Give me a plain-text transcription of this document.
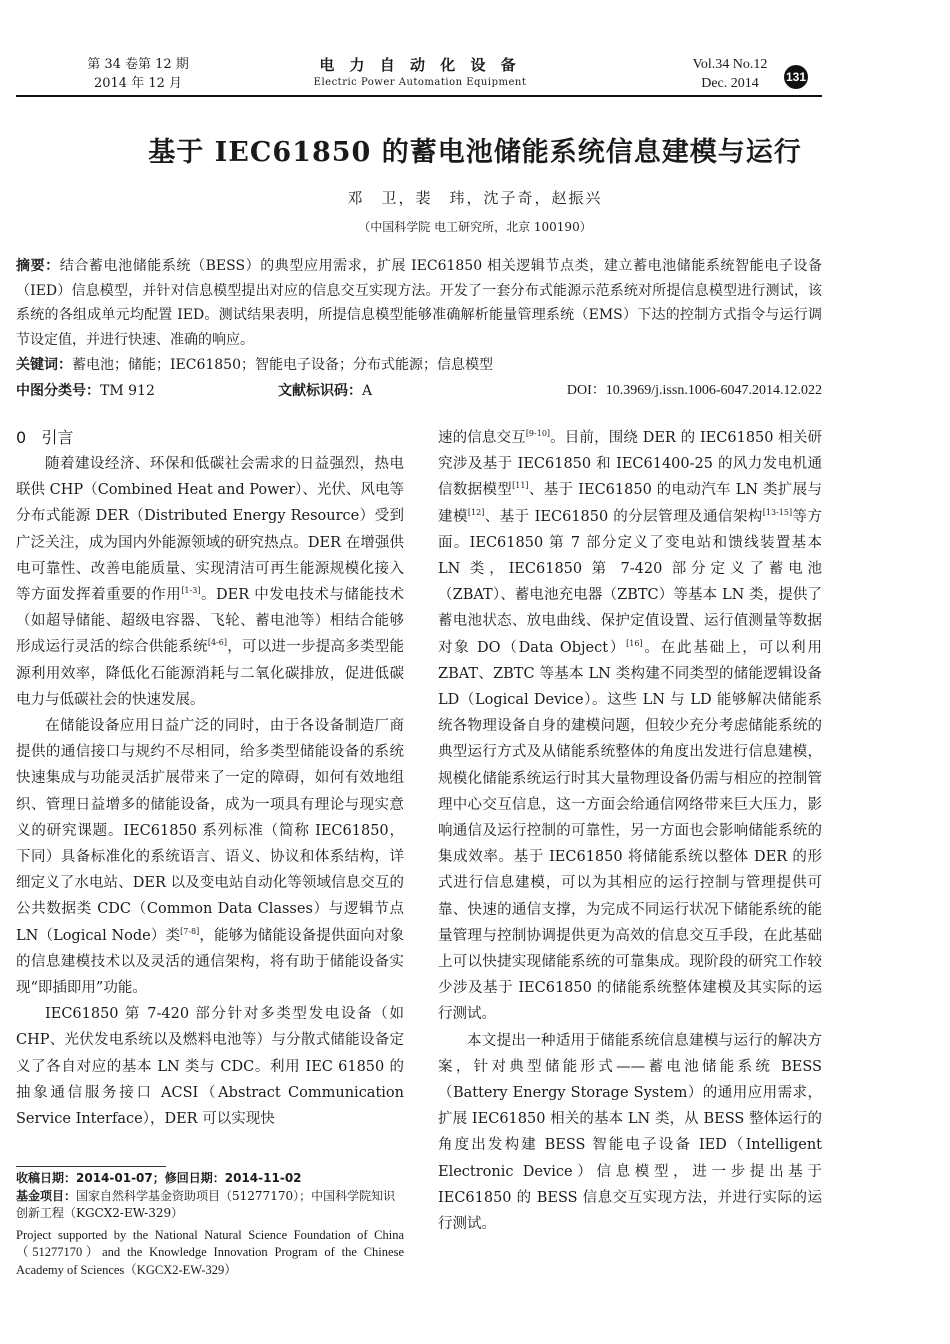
第 34 卷第 12 期
2014 年 12 月
电 力 自 动 化 设 备
Electric Power Automation Equipment
Vol.34 No.12
Dec. 2014	131
基于 IEC61850 的蓄电池储能系统信息建模与运行
邓　卫，裴　玮，沈子奇，赵振兴
（中国科学院 电工研究所，北京 100190）
摘要：结合蓄电池储能系统（BESS）的典型应用需求，扩展 IEC61850 相关逻辑节点类，建立蓄电池储能系统智能电子设备（IED）信息模型，并针对信息模型提出对应的信息交互实现方法。开发了一套分布式能源示范系统对所提信息模型进行测试，该系统的各组成单元均配置 IED。测试结果表明，所提信息模型能够准确解析能量管理系统（EMS）下达的控制方式指令与运行调节设定值，并进行快速、准确的响应。
关键词：蓄电池；储能；IEC61850；智能电子设备；分布式能源；信息模型
中图分类号：TM 912	文献标识码：A	DOI：10.3969/j.issn.1006-6047.2014.12.022

0 引言

随着建设经济、环保和低碳社会需求的日益强烈，热电联供 CHP（Combined Heat and Power）、光伏、风电等分布式能源 DER（Distributed Energy Resource）受到广泛关注，成为国内外能源领域的研究热点。DER 在增强供电可靠性、改善电能质量、实现清洁可再生能源规模化接入等方面发挥着重要的作用[1-3]。DER 中发电技术与储能技术（如超导储能、超级电容器、飞轮、蓄电池等）相结合能够形成运行灵活的综合供能系统[4-6]，可以进一步提高多类型能源利用效率，降低化石能源消耗与二氧化碳排放，促进低碳电力与低碳社会的快速发展。

在储能设备应用日益广泛的同时，由于各设备制造厂商提供的通信接口与规约不尽相同，给多类型储能设备的系统快速集成与功能灵活扩展带来了一定的障碍，如何有效地组织、管理日益增多的储能设备，成为一项具有理论与现实意义的研究课题。IEC61850 系列标准（简称 IEC61850，下同）具备标准化的系统语言、语义、协议和体系结构，详细定义了水电站、DER 以及变电站自动化等领域信息交互的公共数据类 CDC（Common Data Classes）与逻辑节点 LN（Logical Node）类[7-8]，能够为储能设备提供面向对象的信息建模技术以及灵活的通信架构，将有助于储能设备实现“即插即用”功能。

IEC61850 第 7-420 部分针对多类型发电设备（如 CHP、光伏发电系统以及燃料电池等）与分散式储能设备定义了各自对应的基本 LN 类与 CDC。利用 IEC 61850 的抽象通信服务接口 ACSI（Abstract Communication Service Interface），DER 可以实现快

收稿日期：2014-01-07；修回日期：2014-11-02
基金项目：国家自然科学基金资助项目（51277170）；中国科学院知识创新工程（KGCX2-EW-329）
Project supported by the National Natural Science Foundation of China（51277170）and the Knowledge Innovation Program of the Chinese Academy of Sciences（KGCX2-EW-329）

速的信息交互[9-10]。目前，围绕 DER 的 IEC61850 相关研究涉及基于 IEC61850 和 IEC61400-25 的风力发电机通信数据模型[11]、基于 IEC61850 的电动汽车 LN 类扩展与建模[12]、基于 IEC61850 的分层管理及通信架构[13-15]等方面。IEC61850 第 7 部分定义了变电站和馈线装置基本 LN 类，IEC61850 第 7-420 部分定义了蓄电池（ZBAT）、蓄电池充电器（ZBTC）等基本 LN 类，提供了蓄电池状态、放电曲线、保护定值设置、运行值测量等数据对象 DO（Data Object）[16]。在此基础上，可以利用 ZBAT、ZBTC 等基本 LN 类构建不同类型的储能逻辑设备 LD（Logical Device）。这些 LN 与 LD 能够解决储能系统各物理设备自身的建模问题，但较少充分考虑储能系统的典型运行方式及从储能系统整体的角度出发进行信息建模，规模化储能系统运行时其大量物理设备仍需与相应的控制管理中心交互信息，这一方面会给通信网络带来巨大压力，影响通信及运行控制的可靠性，另一方面也会影响储能系统的集成效率。基于 IEC61850 将储能系统以整体 DER 的形式进行信息建模，可以为其相应的运行控制与管理提供可靠、快速的通信支撑，为完成不同运行状况下储能系统的能量管理与控制协调提供更为高效的信息交互手段，在此基础上可以快捷实现储能系统的可靠集成。现阶段的研究工作较少涉及基于 IEC61850 的储能系统整体建模及其实际的运行测试。

本文提出一种适用于储能系统信息建模与运行的解决方案，针对典型储能形式——蓄电池储能系统 BESS（Battery Energy Storage System）的通用应用需求，扩展 IEC61850 相关的基本 LN 类，从 BESS 整体运行的角度出发构建 BESS 智能电子设备 IED（Intelligent Electronic Device）信息模型，进一步提出基于 IEC61850 的 BESS 信息交互实现方法，并进行实际的运行测试。
